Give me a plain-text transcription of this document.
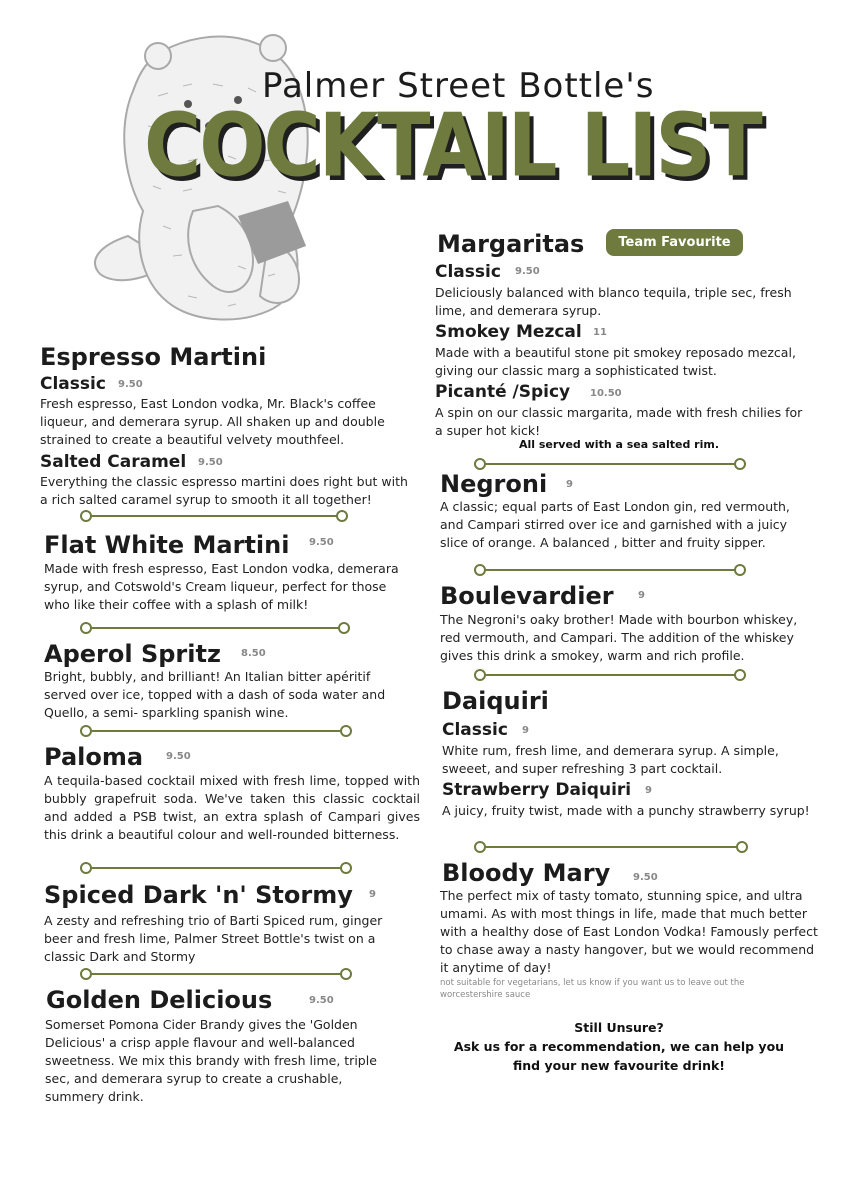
Palmer Street Bottle's
COCKTAIL LIST
Espresso Martini
Classic 9.50
Fresh espresso, East London vodka, Mr. Black's coffee liqueur, and demerara syrup. All shaken up and double strained to create a beautiful velvety mouthfeel.
Salted Caramel 9.50
Everything the classic espresso martini does right but with a rich salted caramel syrup to smooth it all together!
Flat White Martini 9.50
Made with fresh espresso, East London vodka, demerara syrup, and Cotswold's Cream liqueur, perfect for those who like their coffee with a splash of milk!
Aperol Spritz 8.50
Bright, bubbly, and brilliant! An Italian bitter apéritif served over ice, topped with a dash of soda water and Quello, a semi- sparkling spanish wine.
Paloma 9.50
A tequila-based cocktail mixed with fresh lime, topped with bubbly grapefruit soda. We've taken this classic cocktail and added a PSB twist, an extra splash of Campari gives this drink a beautiful colour and well-rounded bitterness.
Spiced Dark 'n' Stormy 9
A zesty and refreshing trio of Barti Spiced rum, ginger beer and fresh lime, Palmer Street Bottle's twist on a classic Dark and Stormy
Golden Delicious	9.50
Somerset Pomona Cider Brandy gives the 'Golden Delicious' a crisp apple flavour and well-balanced sweetness. We mix this brandy with fresh lime, triple sec, and demerara syrup to create a crushable, summery drink.
Margaritas	Team Favourite
Classic 9.50
Deliciously balanced with blanco tequila, triple sec, fresh lime, and demerara syrup.
Smokey Mezcal 11
Made with a beautiful stone pit smokey reposado mezcal, giving our classic marg a sophisticated twist.
Picanté /Spicy 10.50
A spin on our classic margarita, made with fresh chilies for a super hot kick!
All served with a sea salted rim.
Negroni 9
A classic; equal parts of East London gin, red vermouth, and Campari stirred over ice and garnished with a juicy slice of orange. A balanced , bitter and fruity sipper.
Boulevardier 9
The Negroni's oaky brother! Made with bourbon whiskey, red vermouth, and Campari. The addition of the whiskey gives this drink a smokey, warm and rich profile.
Daiquiri
Classic 9
White rum, fresh lime, and demerara syrup. A simple, sweeet, and super refreshing 3 part cocktail.
Strawberry Daiquiri 9
A juicy, fruity twist, made with a punchy strawberry syrup!
Bloody Mary 9.50
The perfect mix of tasty tomato, stunning spice, and ultra umami. As with most things in life, made that much better with a healthy dose of East London Vodka! Famously perfect to chase away a nasty hangover, but we would recommend it anytime of day!
not suitable for vegetarians, let us know if you want us to leave out the worcestershire sauce
Still Unsure?
Ask us for a recommendation, we can help you
find your new favourite drink!
